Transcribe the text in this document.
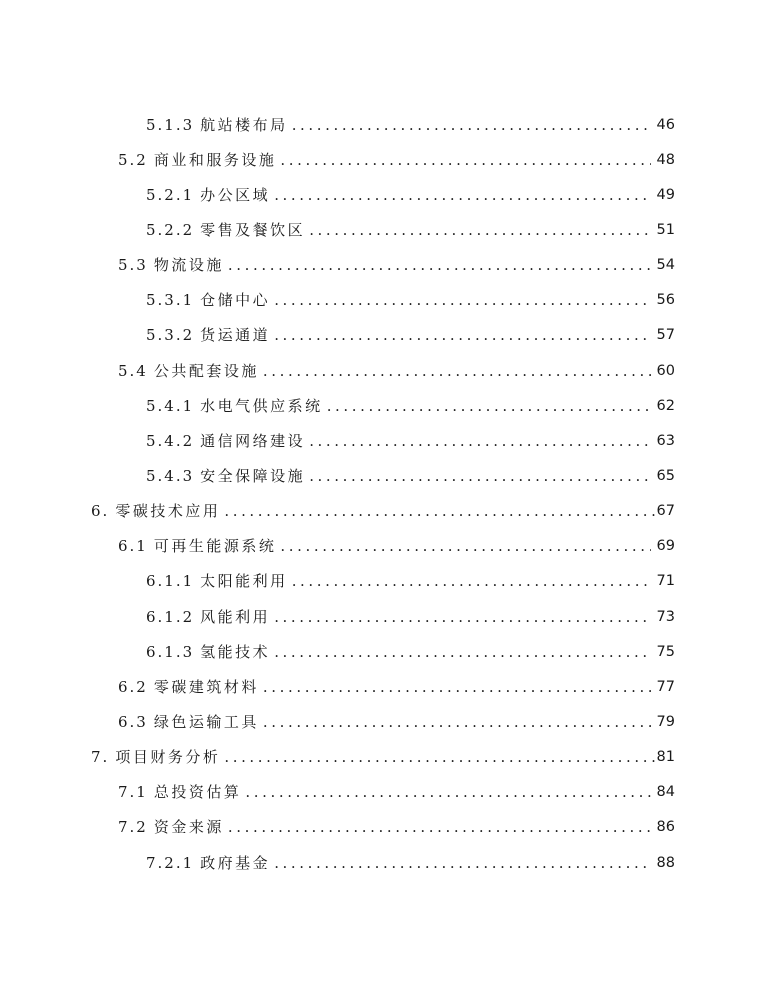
5.1.3 航站楼布局 .....	46
5.2 商业和服务设施 .....	48
5.2.1 办公区域 .....	49
5.2.2 零售及餐饮区 .....	51
5.3 物流设施 .....	54
5.3.1 仓储中心 .....	56
5.3.2 货运通道 .....	57
5.4 公共配套设施 .....	60
5.4.1 水电气供应系统 .....	62
5.4.2 通信网络建设 .....	63
5.4.3 安全保障设施 .....	65
6. 零碳技术应用 .....	67
6.1 可再生能源系统 .....	69
6.1.1 太阳能利用 .....	71
6.1.2 风能利用 .....	73
6.1.3 氢能技术 .....	75
6.2 零碳建筑材料 .....	77
6.3 绿色运输工具 .....	79
7. 项目财务分析 .....	81
7.1 总投资估算 .....	84
7.2 资金来源 .....	86
7.2.1 政府基金 .....	88
